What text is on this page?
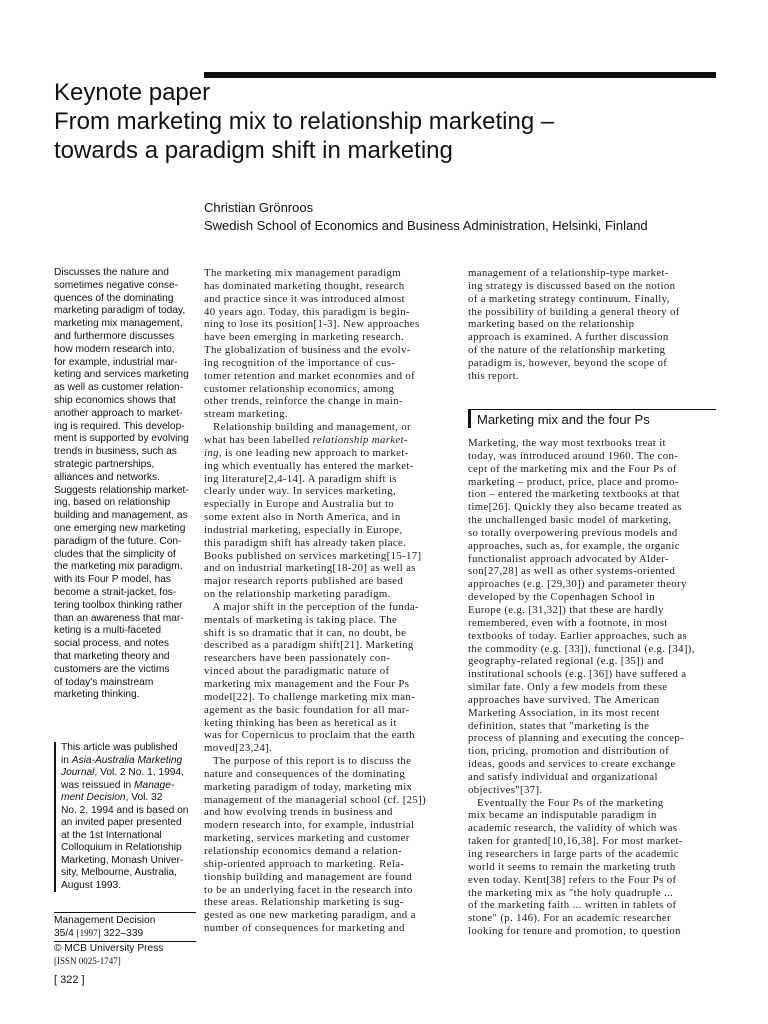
Keynote paper
From marketing mix to relationship marketing –
towards a paradigm shift in marketing
Christian Grönroos
Swedish School of Economics and Business Administration, Helsinki, Finland
Discusses the nature and
sometimes negative conse-
quences of the dominating
marketing paradigm of today,
marketing mix management,
and furthermore discusses
how modern research into,
for example, industrial mar-
keting and services marketing
as well as customer relation-
ship economics shows that
another approach to market-
ing is required. This develop-
ment is supported by evolving
trends in business, such as
strategic partnerships,
alliances and networks.
Suggests relationship market-
ing, based on relationship
building and management, as
one emerging new marketing
paradigm of the future. Con-
cludes that the simplicity of
the marketing mix paradigm,
with its Four P model, has
become a strait-jacket, fos-
tering toolbox thinking rather
than an awareness that mar-
keting is a multi-faceted
social process, and notes
that marketing theory and
customers are the victims
of today's mainstream
marketing thinking.
This article was published
in Asia-Australia Marketing
Journal, Vol. 2 No. 1, 1994,
was reissued in Manage-
ment Decision, Vol. 32
No. 2, 1994 and is based on
an invited paper presented
at the 1st International
Colloquium in Relationship
Marketing, Monash Univer-
sity, Melbourne, Australia,
August 1993.
Management Decision
35/4 [1997] 322–339
© MCB University Press
[ISSN 0025-1747]
[ 322 ]
The marketing mix management paradigm
has dominated marketing thought, research
and practice since it was introduced almost
40 years ago. Today, this paradigm is begin-
ning to lose its position[1-3]. New approaches
have been emerging in marketing research.
The globalization of business and the evolv-
ing recognition of the importance of cus-
tomer retention and market economies and of
customer relationship economics, among
other trends, reinforce the change in main-
stream marketing.
Relationship building and management, or
what has been labelled relationship market-
ing, is one leading new approach to market-
ing which eventually has entered the market-
ing literature[2,4-14]. A paradigm shift is
clearly under way. In services marketing,
especially in Europe and Australia but to
some extent also in North America, and in
industrial marketing, especially in Europe,
this paradigm shift has already taken place.
Books published on services marketing[15-17]
and on industrial marketing[18-20] as well as
major research reports published are based
on the relationship marketing paradigm.
A major shift in the perception of the funda-
mentals of marketing is taking place. The
shift is so dramatic that it can, no doubt, be
described as a paradigm shift[21]. Marketing
researchers have been passionately con-
vinced about the paradigmatic nature of
marketing mix management and the Four Ps
model[22]. To challenge marketing mix man-
agement as the basic foundation for all mar-
keting thinking has been as heretical as it
was for Copernicus to proclaim that the earth
moved[23,24].
The purpose of this report is to discuss the
nature and consequences of the dominating
marketing paradigm of today, marketing mix
management of the managerial school (cf. [25])
and how evolving trends in business and
modern research into, for example, industrial
marketing, services marketing and customer
relationship economics demand a relation-
ship-oriented approach to marketing. Rela-
tionship building and management are found
to be an underlying facet in the research into
these areas. Relationship marketing is sug-
gested as one new marketing paradigm, and a
number of consequences for marketing and
management of a relationship-type market-
ing strategy is discussed based on the notion
of a marketing strategy continuum. Finally,
the possibility of building a general theory of
marketing based on the relationship
approach is examined. A further discussion
of the nature of the relationship marketing
paradigm is, however, beyond the scope of
this report.
Marketing mix and the four Ps
Marketing, the way most textbooks treat it
today, was introduced around 1960. The con-
cept of the marketing mix and the Four Ps of
marketing – product, price, place and promo-
tion – entered the marketing textbooks at that
time[26]. Quickly they also became treated as
the unchallenged basic model of marketing,
so totally overpowering previous models and
approaches, such as, for example, the organic
functionalist approach advocated by Alder-
son[27,28] as well as other systems-oriented
approaches (e.g. [29,30]) and parameter theory
developed by the Copenhagen School in
Europe (e.g. [31,32]) that these are hardly
remembered, even with a footnote, in most
textbooks of today. Earlier approaches, such as
the commodity (e.g. [33]), functional (e.g. [34]),
geography-related regional (e.g. [35]) and
institutional schools (e.g. [36]) have suffered a
similar fate. Only a few models from these
approaches have survived. The American
Marketing Association, in its most recent
definition, states that "marketing is the
process of planning and executing the concep-
tion, pricing, promotion and distribution of
ideas, goods and services to create exchange
and satisfy individual and organizational
objectives"[37].
Eventually the Four Ps of the marketing
mix became an indisputable paradigm in
academic research, the validity of which was
taken for granted[10,16,38]. For most market-
ing researchers in large parts of the academic
world it seems to remain the marketing truth
even today. Kent[38] refers to the Four Ps of
the marketing mix as "the holy quadruple ...
of the marketing faith ... written in tablets of
stone" (p. 146). For an academic researcher
looking for tenure and promotion, to question
